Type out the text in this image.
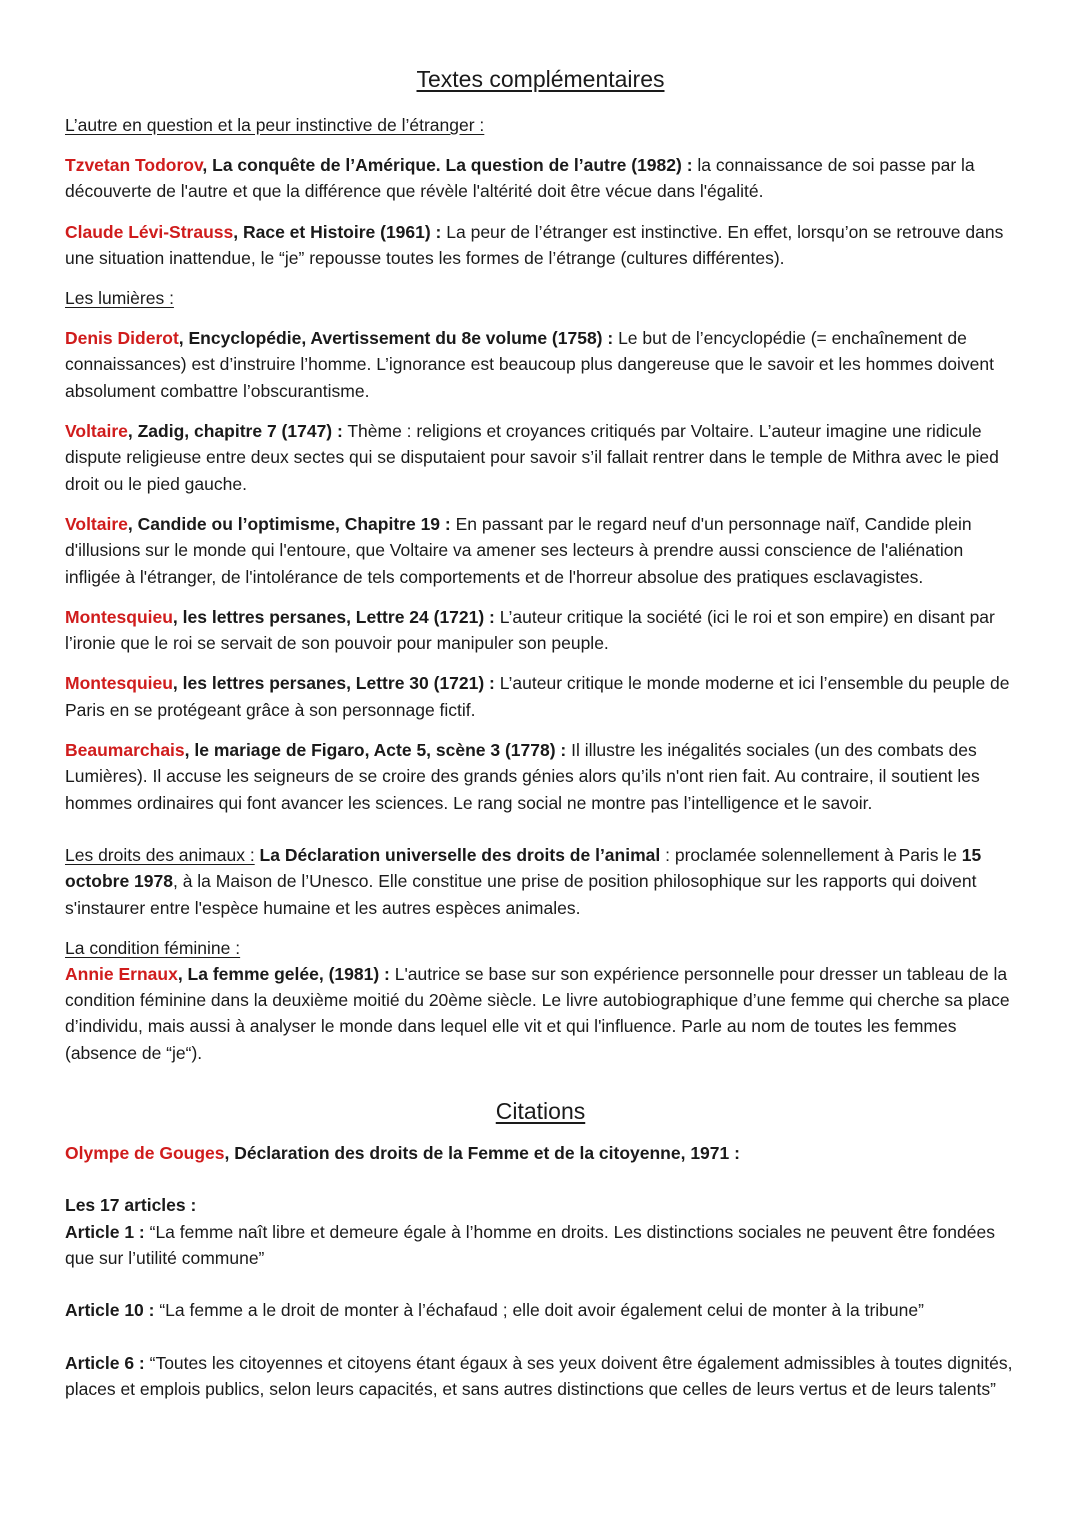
Textes complémentaires
L’autre en question et la peur instinctive de l’étranger :

Tzvetan Todorov, La conquête de l’Amérique. La question de l’autre (1982) : la connaissance de soi passe par la découverte de l'autre et que la différence que révèle l'altérité doit être vécue dans l'égalité.

Claude Lévi-Strauss, Race et Histoire (1961) : La peur de l’étranger est instinctive. En effet, lorsqu’on se retrouve dans une situation inattendue, le “je” repousse toutes les formes de l’étrange (cultures différentes).

Les lumières :

Denis Diderot, Encyclopédie, Avertissement du 8e volume (1758) : Le but de l’encyclopédie (= enchaînement de connaissances) est d’instruire l’homme. L’ignorance est beaucoup plus dangereuse que le savoir et les hommes doivent absolument combattre l’obscurantisme.

Voltaire, Zadig, chapitre 7 (1747) : Thème : religions et croyances critiqués par Voltaire. L’auteur imagine une ridicule dispute religieuse entre deux sectes qui se disputaient pour savoir s’il fallait rentrer dans le temple de Mithra avec le pied droit ou le pied gauche.

Voltaire, Candide ou l’optimisme, Chapitre 19 : En passant par le regard neuf d'un personnage naïf, Candide plein d'illusions sur le monde qui l'entoure, que Voltaire va amener ses lecteurs à prendre aussi conscience de l'aliénation infligée à l'étranger, de l'intolérance de tels comportements et de l'horreur absolue des pratiques esclavagistes.

Montesquieu, les lettres persanes, Lettre 24 (1721) : L’auteur critique la société (ici le roi et son empire) en disant par l’ironie que le roi se servait de son pouvoir pour manipuler son peuple.

Montesquieu, les lettres persanes, Lettre 30 (1721) : L’auteur critique le monde moderne et ici l’ensemble du peuple de Paris en se protégeant grâce à son personnage fictif.

Beaumarchais, le mariage de Figaro, Acte 5, scène 3 (1778) : Il illustre les inégalités sociales (un des combats des Lumières). Il accuse les seigneurs de se croire des grands génies alors qu’ils n'ont rien fait. Au contraire, il soutient les hommes ordinaires qui font avancer les sciences. Le rang social ne montre pas l’intelligence et le savoir.

Les droits des animaux : La Déclaration universelle des droits de l’animal : proclamée solennellement à Paris le 15 octobre 1978, à la Maison de l’Unesco. Elle constitue une prise de position philosophique sur les rapports qui doivent s'instaurer entre l'espèce humaine et les autres espèces animales.

La condition féminine :

Annie Ernaux, La femme gelée, (1981) : L'autrice se base sur son expérience personnelle pour dresser un tableau de la condition féminine dans la deuxième moitié du 20ème siècle. Le livre autobiographique d’une femme qui cherche sa place d’individu, mais aussi à analyser le monde dans lequel elle vit et qui l'influence. Parle au nom de toutes les femmes (absence de “je“).

Citations

Olympe de Gouges, Déclaration des droits de la Femme et de la citoyenne, 1971 :

Les 17 articles :

Article 1 : “La femme naît libre et demeure égale à l’homme en droits. Les distinctions sociales ne peuvent être fondées que sur l’utilité commune”

Article 10 : “La femme a le droit de monter à l’échafaud ; elle doit avoir également celui de monter à la tribune”

Article 6 : “Toutes les citoyennes et citoyens étant égaux à ses yeux doivent être également admissibles à toutes dignités, places et emplois publics, selon leurs capacités, et sans autres distinctions que celles de leurs vertus et de leurs talents”
